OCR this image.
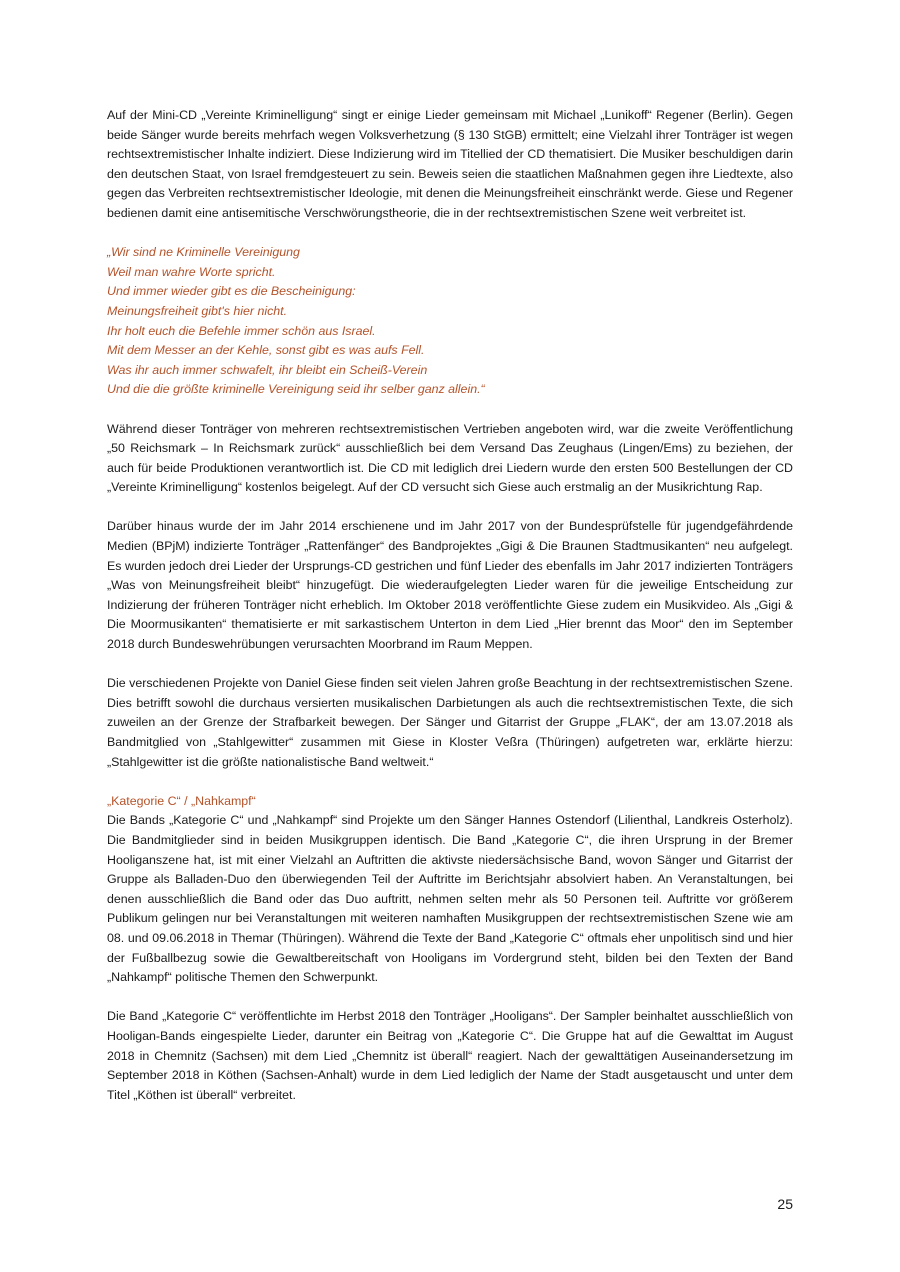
Auf der Mini-CD „Vereinte Kriminelligung“ singt er einige Lieder gemeinsam mit Michael „Lunikoff“ Regener (Berlin). Gegen beide Sänger wurde bereits mehrfach wegen Volksverhetzung (§ 130 StGB) ermittelt; eine Vielzahl ihrer Tonträger ist wegen rechtsextremistischer Inhalte indiziert. Diese Indizierung wird im Titellied der CD thematisiert. Die Musiker beschuldigen darin den deutschen Staat, von Israel fremdgesteuert zu sein. Beweis seien die staatlichen Maßnahmen gegen ihre Liedtexte, also gegen das Verbreiten rechtsextremistischer Ideologie, mit denen die Meinungsfreiheit einschränkt werde. Giese und Regener bedienen damit eine antisemitische Verschwörungstheorie, die in der rechtsextremistischen Szene weit verbreitet ist.

„Wir sind ne Kriminelle Vereinigung
Weil man wahre Worte spricht.
Und immer wieder gibt es die Bescheinigung:
Meinungsfreiheit gibt's hier nicht.
Ihr holt euch die Befehle immer schön aus Israel.
Mit dem Messer an der Kehle, sonst gibt es was aufs Fell.
Was ihr auch immer schwafelt, ihr bleibt ein Scheiß-Verein
Und die die größte kriminelle Vereinigung seid ihr selber ganz allein.“

Während dieser Tonträger von mehreren rechtsextremistischen Vertrieben angeboten wird, war die zweite Veröffentlichung „50 Reichsmark – In Reichsmark zurück“ ausschließlich bei dem Versand Das Zeughaus (Lingen/Ems) zu beziehen, der auch für beide Produktionen verantwortlich ist. Die CD mit lediglich drei Liedern wurde den ersten 500 Bestellungen der CD „Vereinte Kriminelligung“ kostenlos beigelegt. Auf der CD versucht sich Giese auch erstmalig an der Musikrichtung Rap.

Darüber hinaus wurde der im Jahr 2014 erschienene und im Jahr 2017 von der Bundesprüfstelle für jugendgefährdende Medien (BPjM) indizierte Tonträger „Rattenfänger“ des Bandprojektes „Gigi & Die Braunen Stadtmusikanten“ neu aufgelegt. Es wurden jedoch drei Lieder der Ursprungs-CD gestrichen und fünf Lieder des ebenfalls im Jahr 2017 indizierten Tonträgers „Was von Meinungsfreiheit bleibt“ hinzugefügt. Die wiederaufgelegten Lieder waren für die jeweilige Entscheidung zur Indizierung der früheren Tonträger nicht erheblich. Im Oktober 2018 veröffentlichte Giese zudem ein Musikvideo. Als „Gigi & Die Moormusikanten“ thematisierte er mit sarkastischem Unterton in dem Lied „Hier brennt das Moor“ den im September 2018 durch Bundeswehrübungen verursachten Moorbrand im Raum Meppen.

Die verschiedenen Projekte von Daniel Giese finden seit vielen Jahren große Beachtung in der rechtsextremistischen Szene. Dies betrifft sowohl die durchaus versierten musikalischen Darbietungen als auch die rechtsextremistischen Texte, die sich zuweilen an der Grenze der Strafbarkeit bewegen. Der Sänger und Gitarrist der Gruppe „FLAK“, der am 13.07.2018 als Bandmitglied von „Stahlgewitter“ zusammen mit Giese in Kloster Veßra (Thüringen) aufgetreten war, erklärte hierzu: „Stahlgewitter ist die größte nationalistische Band weltweit.“

„Kategorie C“ / „Nahkampf“

Die Bands „Kategorie C“ und „Nahkampf“ sind Projekte um den Sänger Hannes Ostendorf (Lilienthal, Landkreis Osterholz). Die Bandmitglieder sind in beiden Musikgruppen identisch. Die Band „Kategorie C“, die ihren Ursprung in der Bremer Hooliganszene hat, ist mit einer Vielzahl an Auftritten die aktivste niedersächsische Band, wovon Sänger und Gitarrist der Gruppe als Balladen-Duo den überwiegenden Teil der Auftritte im Berichtsjahr absolviert haben. An Veranstaltungen, bei denen ausschließlich die Band oder das Duo auftritt, nehmen selten mehr als 50 Personen teil. Auftritte vor größerem Publikum gelingen nur bei Veranstaltungen mit weiteren namhaften Musikgruppen der rechtsextremistischen Szene wie am 08. und 09.06.2018 in Themar (Thüringen). Während die Texte der Band „Kategorie C“ oftmals eher unpolitisch sind und hier der Fußballbezug sowie die Gewaltbereitschaft von Hooligans im Vordergrund steht, bilden bei den Texten der Band „Nahkampf“ politische Themen den Schwerpunkt.

Die Band „Kategorie C“ veröffentlichte im Herbst 2018 den Tonträger „Hooligans“. Der Sampler beinhaltet ausschließlich von Hooligan-Bands eingespielte Lieder, darunter ein Beitrag von „Kategorie C“. Die Gruppe hat auf die Gewalttat im August 2018 in Chemnitz (Sachsen) mit dem Lied „Chemnitz ist überall“ reagiert. Nach der gewalttätigen Auseinandersetzung im September 2018 in Köthen (Sachsen-Anhalt) wurde in dem Lied lediglich der Name der Stadt ausgetauscht und unter dem Titel „Köthen ist überall“ verbreitet.

25
